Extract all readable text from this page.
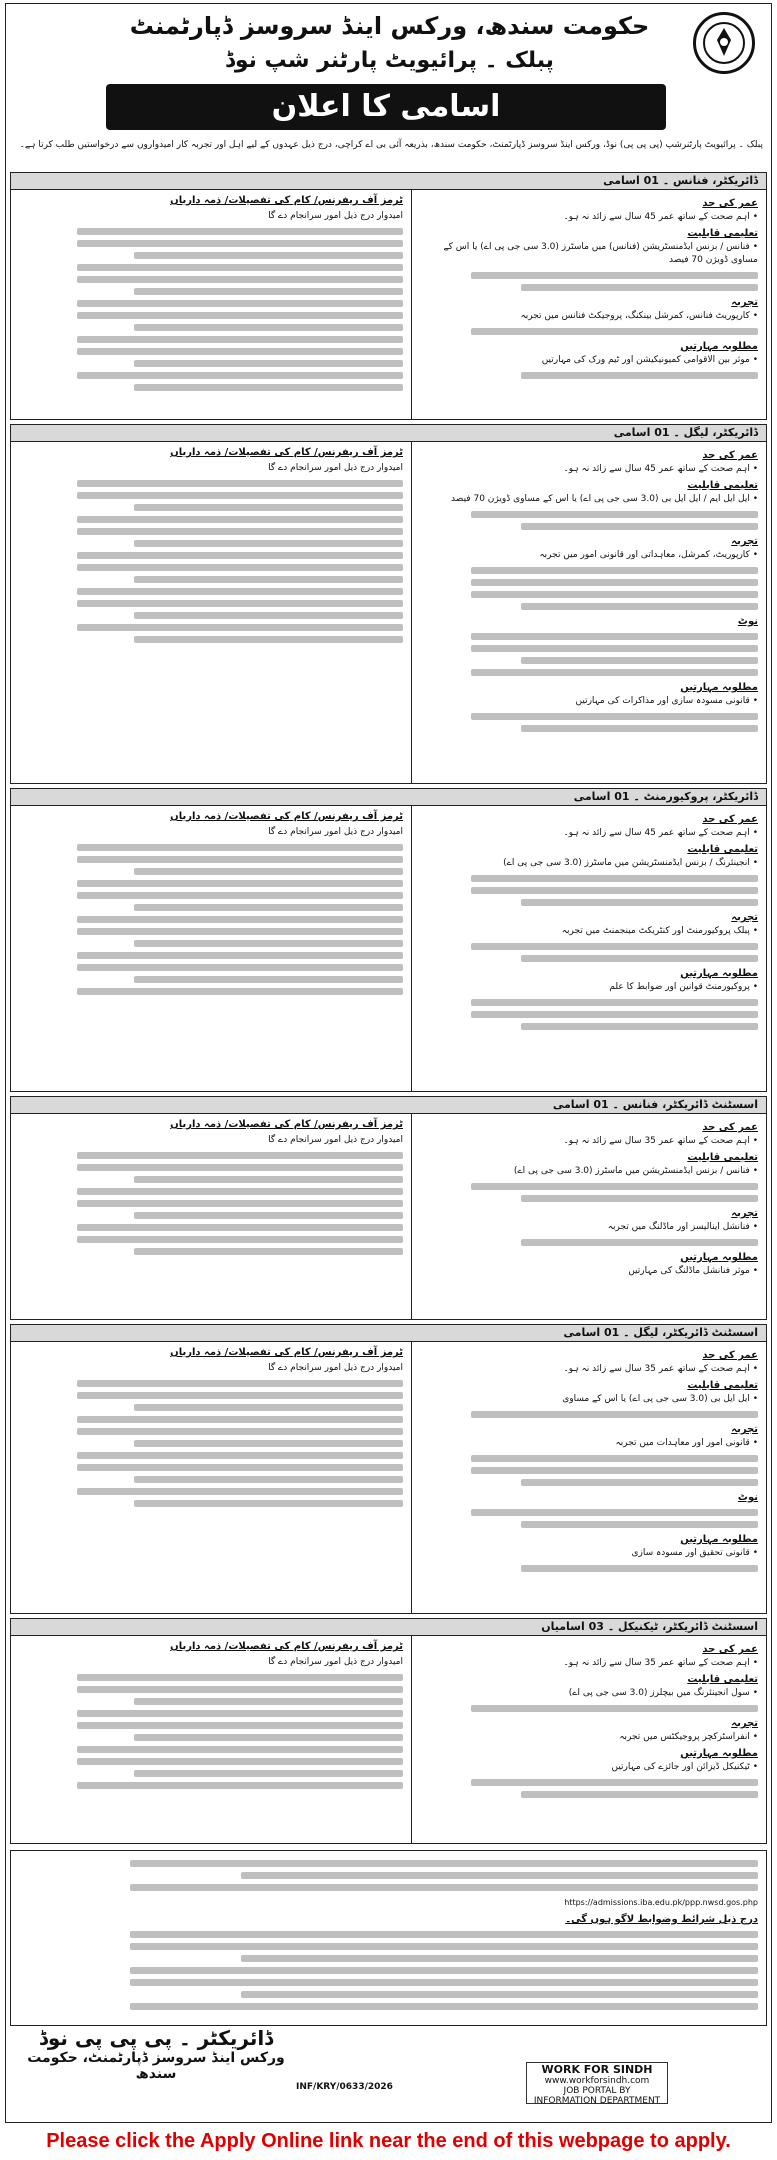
حکومت سندھ، ورکس اینڈ سروسز ڈپارٹمنٹ
پبلک ۔ پرائیویٹ پارٹنر شپ نوڈ
اسامی کا اعلان
پبلک ۔ پرائیویٹ پارٹنرشپ (پی پی پی) نوڈ، ورکس اینڈ سروسز ڈپارٹمنٹ، حکومت سندھ، بذریعہ آئی بی اے کراچی، درج ذیل عہدوں کے لیے اہل اور تجربہ کار امیدواروں سے درخواستیں طلب کرتا ہے۔
ڈائریکٹر، فنانس ۔ 01 اسامی
عمر کی حد
• اہم صحت کے ساتھ عمر 45 سال سے زائد نہ ہو۔
تعلیمی قابلیت
• فنانس / بزنس ایڈمنسٹریشن (فنانس) میں ماسٹرز (3.0 سی جی پی اے) یا اس کے مساوی ڈویژن 70 فیصد
تجربہ
• کارپوریٹ فنانس، کمرشل بینکنگ، پروجیکٹ فنانس میں تجربہ
مطلوبہ مہارتیں
• موثر بین الاقوامی کمیونیکیشن اور ٹیم ورک کی مہارتیں
ٹرمز آف ریفرنس/ کام کی تفصیلات/ ذمہ داریاں
امیدوار درج ذیل امور سرانجام دے گا
ڈائریکٹر، لیگل ۔ 01 اسامی
عمر کی حد
• اہم صحت کے ساتھ عمر 45 سال سے زائد نہ ہو۔
تعلیمی قابلیت
• ایل ایل ایم / ایل ایل بی (3.0 سی جی پی اے) یا اس کے مساوی ڈویژن 70 فیصد
تجربہ
• کارپوریٹ، کمرشل، معاہداتی اور قانونی امور میں تجربہ
نوٹ
مطلوبہ مہارتیں
• قانونی مسودہ سازی اور مذاکرات کی مہارتیں
ٹرمز آف ریفرنس/ کام کی تفصیلات/ ذمہ داریاں
امیدوار درج ذیل امور سرانجام دے گا
ڈائریکٹر، پروکیورمنٹ ۔ 01 اسامی
عمر کی حد
• اہم صحت کے ساتھ عمر 45 سال سے زائد نہ ہو۔
تعلیمی قابلیت
• انجینئرنگ / بزنس ایڈمنسٹریشن میں ماسٹرز (3.0 سی جی پی اے)
تجربہ
• پبلک پروکیورمنٹ اور کنٹریکٹ مینجمنٹ میں تجربہ
مطلوبہ مہارتیں
• پروکیورمنٹ قوانین اور ضوابط کا علم
ٹرمز آف ریفرنس/ کام کی تفصیلات/ ذمہ داریاں
امیدوار درج ذیل امور سرانجام دے گا
اسسٹنٹ ڈائریکٹر، فنانس ۔ 01 اسامی
عمر کی حد
• اہم صحت کے ساتھ عمر 35 سال سے زائد نہ ہو۔
تعلیمی قابلیت
• فنانس / بزنس ایڈمنسٹریشن میں ماسٹرز (3.0 سی جی پی اے)
تجربہ
• فنانشل اینالیسز اور ماڈلنگ میں تجربہ
مطلوبہ مہارتیں
• موثر فنانشل ماڈلنگ کی مہارتیں
ٹرمز آف ریفرنس/ کام کی تفصیلات/ ذمہ داریاں
امیدوار درج ذیل امور سرانجام دے گا
اسسٹنٹ ڈائریکٹر، لیگل ۔ 01 اسامی
عمر کی حد
• اہم صحت کے ساتھ عمر 35 سال سے زائد نہ ہو۔
تعلیمی قابلیت
• ایل ایل بی (3.0 سی جی پی اے) یا اس کے مساوی
تجربہ
• قانونی امور اور معاہدات میں تجربہ
نوٹ
مطلوبہ مہارتیں
• قانونی تحقیق اور مسودہ سازی
ٹرمز آف ریفرنس/ کام کی تفصیلات/ ذمہ داریاں
امیدوار درج ذیل امور سرانجام دے گا
اسسٹنٹ ڈائریکٹر، ٹیکنیکل ۔ 03 اسامیاں
عمر کی حد
• اہم صحت کے ساتھ عمر 35 سال سے زائد نہ ہو۔
تعلیمی قابلیت
• سول انجینئرنگ میں بیچلرز (3.0 سی جی پی اے)
تجربہ
• انفراسٹرکچر پروجیکٹس میں تجربہ
مطلوبہ مہارتیں
• ٹیکنیکل ڈیزائن اور جائزے کی مہارتیں
ٹرمز آف ریفرنس/ کام کی تفصیلات/ ذمہ داریاں
امیدوار درج ذیل امور سرانجام دے گا
https://admissions.iba.edu.pk/ppp.nwsd.gos.php
درج ذیل شرائط وضوابط لاگو ہوں گی۔
ڈائریکٹر ۔ پی پی پی نوڈ
ورکس اینڈ سروسز ڈپارٹمنٹ، حکومت سندھ
INF/KRY/0633/2026
WORK FOR SINDH
www.workforsindh.com
JOB PORTAL BY
INFORMATION DEPARTMENT
Please click the Apply Online link near the end of this webpage to apply.
